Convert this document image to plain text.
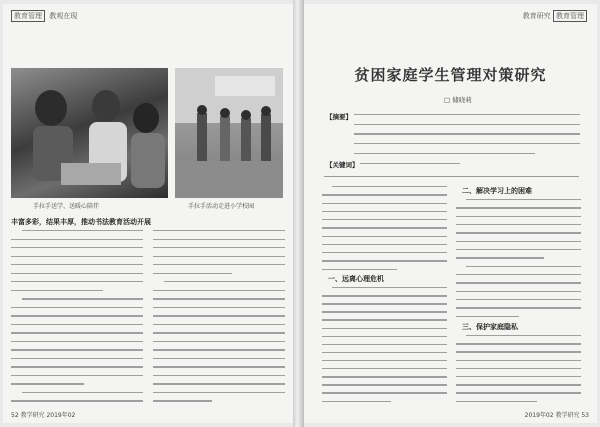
教育管理 教观在现
手拉手送学、送暖心陪伴	手拉手活动走进小学校园
丰富多彩，结果丰厚，推动书法教育活动开展
52 教学研究 2019年02
教育研究 教育管理
贫困家庭学生管理对策研究
□ 储晓莉
【摘要】
【关键词】
一、远离心理危机
二、解决学习上的困难
三、保护家庭隐私
2019年02 教学研究 53
